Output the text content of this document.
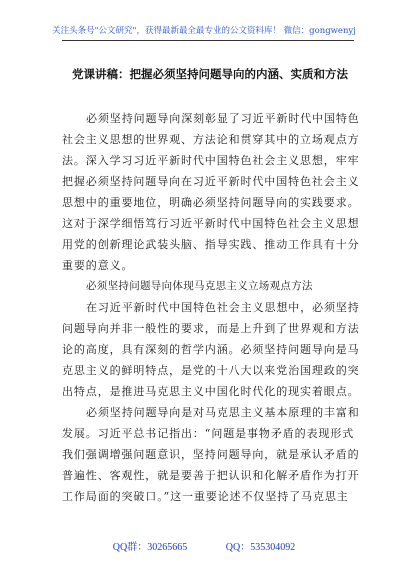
关注头条号"公文研究"，获得最新最全最专业的公文资料库！ 微信：gongwenyj
党课讲稿：把握必须坚持问题导向的内涵、实质和方法

必须坚持问题导向深刻彰显了习近平新时代中国特色
社会主义思想的世界观、方法论和贯穿其中的立场观点方
法。深入学习习近平新时代中国特色社会主义思想，牢牢
把握必须坚持问题导向在习近平新时代中国特色社会主义
思想中的重要地位，明确必须坚持问题导向的实践要求。
这对于深学细悟笃行习近平新时代中国特色社会主义思想
用党的创新理论武装头脑、指导实践、推动工作具有十分
重要的意义。

必须坚持问题导向体现马克思主义立场观点方法

在习近平新时代中国特色社会主义思想中，必须坚持
问题导向并非一般性的要求，而是上升到了世界观和方法
论的高度，具有深刻的哲学内涵。必须坚持问题导向是马
克思主义的鲜明特点，是党的十八大以来党治国理政的突
出特点，是推进马克思主义中国化时代化的现实着眼点。

必须坚持问题导向是对马克思主义基本原理的丰富和
发展。习近平总书记指出：“问题是事物矛盾的表现形式
我们强调增强问题意识，坚持问题导向，就是承认矛盾的
普遍性、客观性，就是要善于把认识和化解矛盾作为打开
工作局面的突破口。”这一重要论述不仅坚持了马克思主

QQ群：30265665	QQ：535304092
